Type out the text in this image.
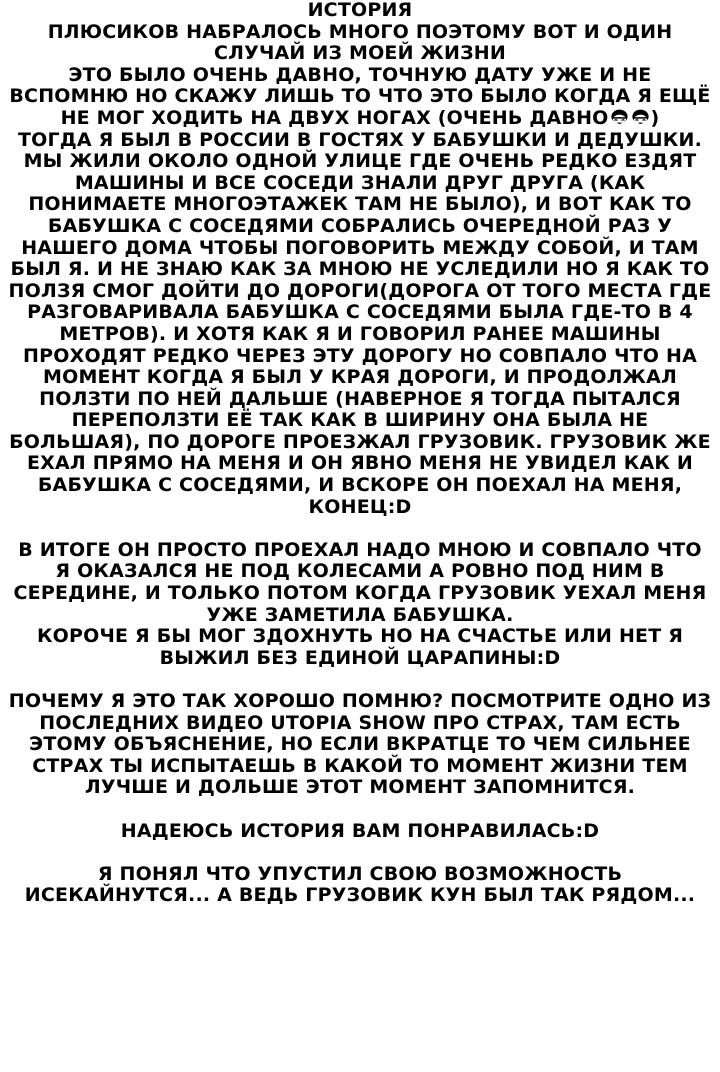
ИСТОРИЯ

ПЛЮСИКОВ НАБРАЛОСЬ МНОГО ПОЭТОМУ ВОТ И ОДИН СЛУЧАЙ ИЗ МОЕЙ ЖИЗНИ

ЭТО БЫЛО ОЧЕНЬ ДАВНО, ТОЧНУЮ ДАТУ УЖЕ И НЕ ВСПОМНЮ НО СКАЖУ ЛИШЬ ТО ЧТО ЭТО БЫЛО КОГДА Я ЕЩЁ НЕ МОГ ХОДИТЬ НА ДВУХ НОГАХ (ОЧЕНЬ ДАВНО )

ТОГДА Я БЫЛ В РОССИИ В ГОСТЯХ У БАБУШКИ И ДЕДУШКИ. МЫ ЖИЛИ ОКОЛО ОДНОЙ УЛИЦЕ ГДЕ ОЧЕНЬ РЕДКО ЕЗДЯТ МАШИНЫ И ВСЕ СОСЕДИ ЗНАЛИ ДРУГ ДРУГА (КАК ПОНИМАЕТЕ МНОГОЭТАЖЕК ТАМ НЕ БЫЛО), И ВОТ КАК ТО БАБУШКА С СОСЕДЯМИ СОБРАЛИСЬ ОЧЕРЕДНОЙ РАЗ У НАШЕГО ДОМА ЧТОБЫ ПОГОВОРИТЬ МЕЖДУ СОБОЙ, И ТАМ БЫЛ Я. И НЕ ЗНАЮ КАК ЗА МНОЮ НЕ УСЛЕДИЛИ НО Я КАК ТО ПОЛЗЯ СМОГ ДОЙТИ ДО ДОРОГИ(ДОРОГА ОТ ТОГО МЕСТА ГДЕ РАЗГОВАРИВАЛА БАБУШКА С СОСЕДЯМИ БЫЛА ГДЕ-ТО В 4 МЕТРОВ). И ХОТЯ КАК Я И ГОВОРИЛ РАНЕЕ МАШИНЫ ПРОХОДЯТ РЕДКО ЧЕРЕЗ ЭТУ ДОРОГУ НО СОВПАЛО ЧТО НА МОМЕНТ КОГДА Я БЫЛ У КРАЯ ДОРОГИ, И ПРОДОЛЖАЛ ПОЛЗТИ ПО НЕЙ ДАЛЬШЕ (НАВЕРНОЕ Я ТОГДА ПЫТАЛСЯ ПЕРЕПОЛЗТИ ЕЁ ТАК КАК В ШИРИНУ ОНА БЫЛА НЕ БОЛЬШАЯ), ПО ДОРОГЕ ПРОЕЗЖАЛ ГРУЗОВИК. ГРУЗОВИК ЖЕ ЕХАЛ ПРЯМО НА МЕНЯ И ОН ЯВНО МЕНЯ НЕ УВИДЕЛ КАК И БАБУШКА С СОСЕДЯМИ, И ВСКОРЕ ОН ПОЕХАЛ НА МЕНЯ,

КОНЕЦ:D

В ИТОГЕ ОН ПРОСТО ПРОЕХАЛ НАДО МНОЮ И СОВПАЛО ЧТО Я ОКАЗАЛСЯ НЕ ПОД КОЛЕСАМИ А РОВНО ПОД НИМ В СЕРЕДИНЕ, И ТОЛЬКО ПОТОМ КОГДА ГРУЗОВИК УЕХАЛ МЕНЯ УЖЕ ЗАМЕТИЛА БАБУШКА.

КОРОЧЕ Я БЫ МОГ ЗДОХНУТЬ НО НА СЧАСТЬЕ ИЛИ НЕТ Я ВЫЖИЛ БЕЗ ЕДИНОЙ ЦАРАПИНЫ:D

ПОЧЕМУ Я ЭТО ТАК ХОРОШО ПОМНЮ? ПОСМОТРИТЕ ОДНО ИЗ ПОСЛЕДНИХ ВИДЕО UTOPIA SHOW ПРО СТРАХ, ТАМ ЕСТЬ ЭТОМУ ОБЪЯСНЕНИЕ, НО ЕСЛИ ВКРАТЦЕ ТО ЧЕМ СИЛЬНЕЕ СТРАХ ТЫ ИСПЫТАЕШЬ В КАКОЙ ТО МОМЕНТ ЖИЗНИ ТЕМ ЛУЧШЕ И ДОЛЬШЕ ЭТОТ МОМЕНТ ЗАПОМНИТСЯ.

НАДЕЮСЬ ИСТОРИЯ ВАМ ПОНРАВИЛАСЬ:D

Я ПОНЯЛ ЧТО УПУСТИЛ СВОЮ ВОЗМОЖНОСТЬ ИСЕКАЙНУТСЯ... А ВЕДЬ ГРУЗОВИК КУН БЫЛ ТАК РЯДОМ...
